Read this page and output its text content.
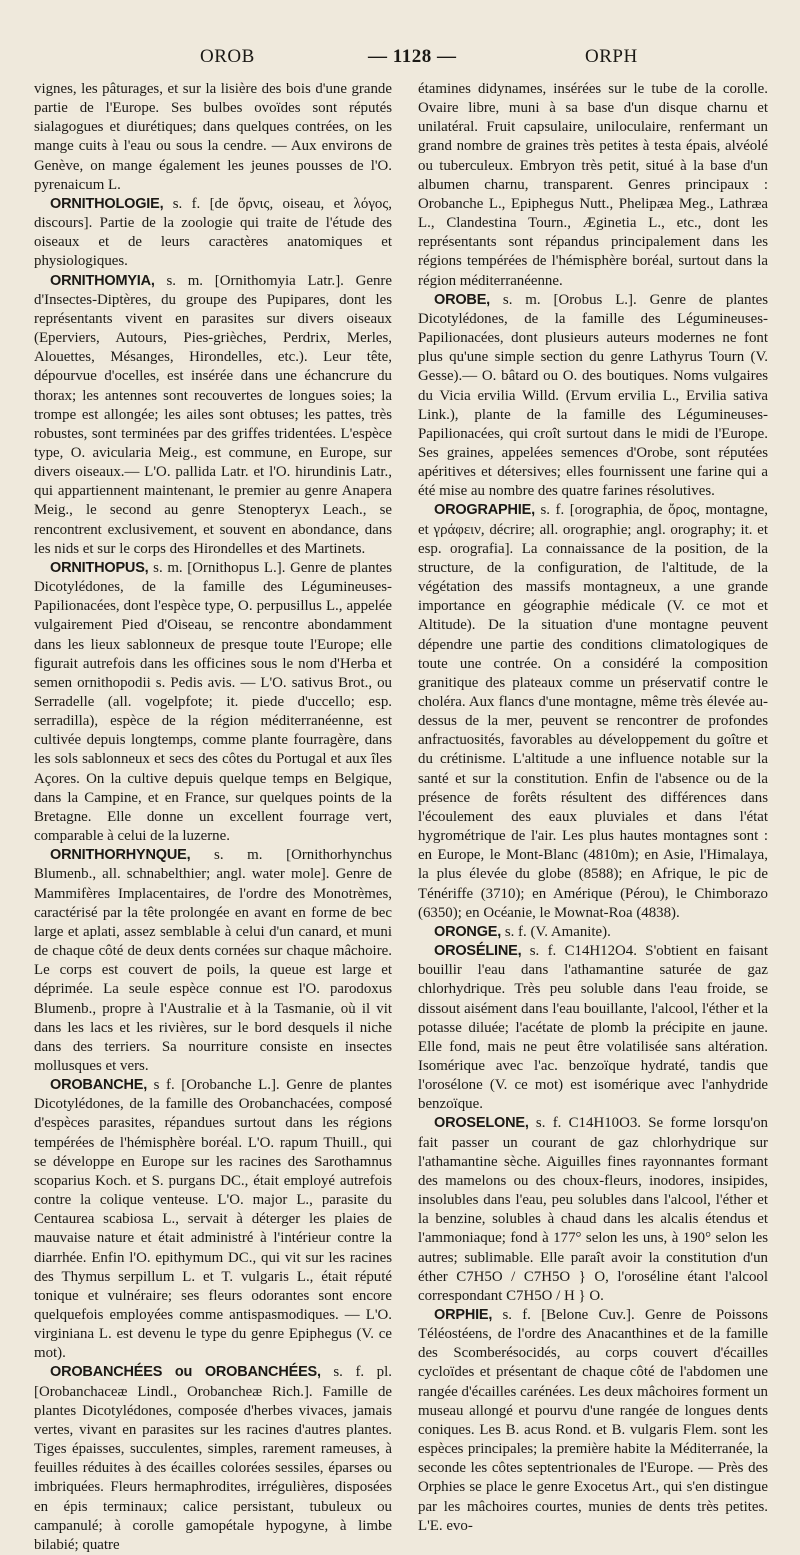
OROB	— 1128 —	ORPH

vignes, les pâturages, et sur la lisière des bois d'une grande partie de l'Europe. Ses bulbes ovoïdes sont réputés sialagogues et diurétiques; dans quelques contrées, on les mange cuits à l'eau ou sous la cendre. — Aux environs de Genève, on mange également les jeunes pousses de l'O. pyrenaicum L.

ORNITHOLOGIE, s. f. [de ὄρνις, oiseau, et λόγος, discours]. Partie de la zoologie qui traite de l'étude des oiseaux et de leurs caractères anatomiques et physiologiques.

ORNITHOMYIA, s. m. [Ornithomyia Latr.]. Genre d'Insectes-Diptères, du groupe des Pupipares, dont les représentants vivent en parasites sur divers oiseaux (Eperviers, Autours, Pies-grièches, Perdrix, Merles, Alouettes, Mésanges, Hirondelles, etc.). Leur tête, dépourvue d'ocelles, est insérée dans une échancrure du thorax; les antennes sont recouvertes de longues soies; la trompe est allongée; les ailes sont obtuses; les pattes, très robustes, sont terminées par des griffes tridentées. L'espèce type, O. avicularia Meig., est commune, en Europe, sur divers oiseaux.— L'O. pallida Latr. et l'O. hirundinis Latr., qui appartiennent maintenant, le premier au genre Anapera Meig., le second au genre Stenopteryx Leach., se rencontrent exclusivement, et souvent en abondance, dans les nids et sur le corps des Hirondelles et des Martinets.

ORNITHOPUS, s. m. [Ornithopus L.]. Genre de plantes Dicotylédones, de la famille des Légumineuses-Papilionacées, dont l'espèce type, O. perpusillus L., appelée vulgairement Pied d'Oiseau, se rencontre abondamment dans les lieux sablonneux de presque toute l'Europe; elle figurait autrefois dans les officines sous le nom d'Herba et semen ornithopodii s. Pedis avis. — L'O. sativus Brot., ou Serradelle (all. vogelpfote; it. piede d'uccello; esp. serradilla), espèce de la région méditerranéenne, est cultivée depuis longtemps, comme plante fourragère, dans les sols sablonneux et secs des côtes du Portugal et aux îles Açores. On la cultive depuis quelque temps en Belgique, dans la Campine, et en France, sur quelques points de la Bretagne. Elle donne un excellent fourrage vert, comparable à celui de la luzerne.

ORNITHORHYNQUE, s. m. [Ornithorhynchus Blumenb., all. schnabelthier; angl. water mole]. Genre de Mammifères Implacentaires, de l'ordre des Monotrèmes, caractérisé par la tête prolongée en avant en forme de bec large et aplati, assez semblable à celui d'un canard, et muni de chaque côté de deux dents cornées sur chaque mâchoire. Le corps est couvert de poils, la queue est large et déprimée. La seule espèce connue est l'O. parodoxus Blumenb., propre à l'Australie et à la Tasmanie, où il vit dans les lacs et les rivières, sur le bord desquels il niche dans des terriers. Sa nourriture consiste en insectes mollusques et vers.

OROBANCHE, s f. [Orobanche L.]. Genre de plantes Dicotylédones, de la famille des Orobanchacées, composé d'espèces parasites, répandues surtout dans les régions tempérées de l'hémisphère boréal. L'O. rapum Thuill., qui se développe en Europe sur les racines des Sarothamnus scoparius Koch. et S. purgans DC., était employé autrefois contre la colique venteuse. L'O. major L., parasite du Centaurea scabiosa L., servait à déterger les plaies de mauvaise nature et était administré à l'intérieur contre la diarrhée. Enfin l'O. epithymum DC., qui vit sur les racines des Thymus serpillum L. et T. vulgaris L., était réputé tonique et vulnéraire; ses fleurs odorantes sont encore quelquefois employées comme antispasmodiques. — L'O. virginiana L. est devenu le type du genre Epiphegus (V. ce mot).

OROBANCHÉES ou OROBANCHÉES, s. f. pl. [Orobanchaceæ Lindl., Orobancheæ Rich.]. Famille de plantes Dicotylédones, composée d'herbes vivaces, jamais vertes, vivant en parasites sur les racines d'autres plantes. Tiges épaisses, succulentes, simples, rarement rameuses, à feuilles réduites à des écailles colorées sessiles, éparses ou imbriquées. Fleurs hermaphrodites, irrégulières, disposées en épis terminaux; calice persistant, tubuleux ou campanulé; à corolle gamopétale hypogyne, à limbe bilabié; quatre

étamines didynames, insérées sur le tube de la corolle. Ovaire libre, muni à sa base d'un disque charnu et unilatéral. Fruit capsulaire, uniloculaire, renfermant un grand nombre de graines très petites à testa épais, alvéolé ou tuberculeux. Embryon très petit, situé à la base d'un albumen charnu, transparent. Genres principaux : Orobanche L., Epiphegus Nutt., Phelipæa Meg., Lathræa L., Clandestina Tourn., Æginetia L., etc., dont les représentants sont répandus principalement dans les régions tempérées de l'hémisphère boréal, surtout dans la région méditerranéenne.

OROBE, s. m. [Orobus L.]. Genre de plantes Dicotylédones, de la famille des Légumineuses-Papilionacées, dont plusieurs auteurs modernes ne font plus qu'une simple section du genre Lathyrus Tourn (V. Gesse).— O. bâtard ou O. des boutiques. Noms vulgaires du Vicia ervilia Willd. (Ervum ervilia L., Ervilia sativa Link.), plante de la famille des Légumineuses-Papilionacées, qui croît surtout dans le midi de l'Europe. Ses graines, appelées semences d'Orobe, sont réputées apéritives et détersives; elles fournissent une farine qui a été mise au nombre des quatre farines résolutives.

OROGRAPHIE, s. f. [orographia, de ὄρος, montagne, et γράφειν, décrire; all. orographie; angl. orography; it. et esp. orografia]. La connaissance de la position, de la structure, de la configuration, de l'altitude, de la végétation des massifs montagneux, a une grande importance en géographie médicale (V. ce mot et Altitude). De la situation d'une montagne peuvent dépendre une partie des conditions climatologiques de toute une contrée. On a considéré la composition granitique des plateaux comme un préservatif contre le choléra. Aux flancs d'une montagne, même très élevée au-dessus de la mer, peuvent se rencontrer de profondes anfractuosités, favorables au développement du goître et du crétinisme. L'altitude a une influence notable sur la santé et sur la constitution. Enfin de l'absence ou de la présence de forêts résultent des différences dans l'écoulement des eaux pluviales et dans l'état hygrométrique de l'air. Les plus hautes montagnes sont : en Europe, le Mont-Blanc (4810m); en Asie, l'Himalaya, la plus élevée du globe (8588); en Afrique, le pic de Ténériffe (3710); en Amérique (Pérou), le Chimborazo (6350); en Océanie, le Mownat-Roa (4838).

ORONGE, s. f. (V. Amanite).

OROSÉLINE, s. f. C14H12O4. S'obtient en faisant bouillir l'eau dans l'athamantine saturée de gaz chlorhydrique. Très peu soluble dans l'eau froide, se dissout aisément dans l'eau bouillante, l'alcool, l'éther et la potasse diluée; l'acétate de plomb la précipite en jaune. Elle fond, mais ne peut être volatilisée sans altération. Isomérique avec l'ac. benzoïque hydraté, tandis que l'orosélone (V. ce mot) est isomérique avec l'anhydride benzoïque.

OROSELONE, s. f. C14H10O3. Se forme lorsqu'on fait passer un courant de gaz chlorhydrique sur l'athamantine sèche. Aiguilles fines rayonnantes formant des mamelons ou des choux-fleurs, inodores, insipides, insolubles dans l'eau, peu solubles dans l'alcool, l'éther et la benzine, solubles à chaud dans les alcalis étendus et l'ammoniaque; fond à 177° selon les uns, à 190° selon les autres; sublimable. Elle paraît avoir la constitution d'un éther C7H5O / C7H5O } O, l'oroséline étant l'alcool correspondant C7H5O / H } O.

ORPHIE, s. f. [Belone Cuv.]. Genre de Poissons Téléostéens, de l'ordre des Anacanthines et de la famille des Scomberésocidés, au corps couvert d'écailles cycloïdes et présentant de chaque côté de l'abdomen une rangée d'écailles carénées. Les deux mâchoires forment un museau allongé et pourvu d'une rangée de longues dents coniques. Les B. acus Rond. et B. vulgaris Flem. sont les espèces principales; la première habite la Méditerranée, la seconde les côtes septentrionales de l'Europe. — Près des Orphies se place le genre Exocetus Art., qui s'en distingue par les mâchoires courtes, munies de dents très petites. L'E. evo-
